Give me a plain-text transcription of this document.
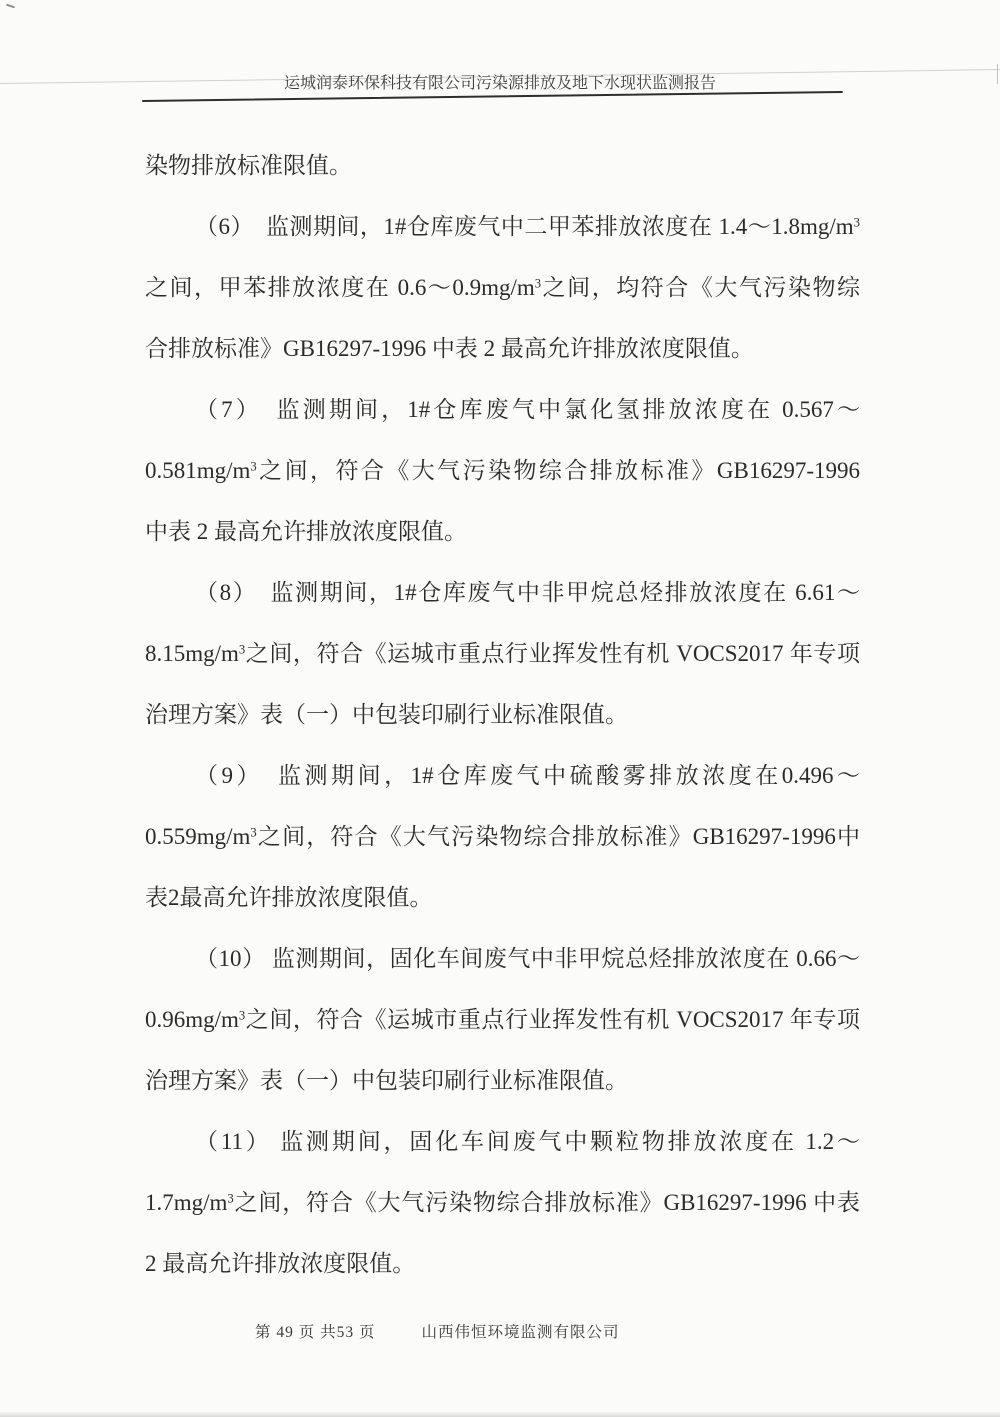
运城润泰环保科技有限公司污染源排放及地下水现状监测报告
染物排放标准限值。
（6）　监测期间，1#仓库废气中二甲苯排放浓度在 $1.4\sim 1.8mg/m^3$
之间，甲苯排放浓度在 $0.6\sim 0.9mg/m^3$之间，均符合《大气污染物综
合排放标准》GB16297-1996 中表 2 最高允许排放浓度限值。
（7）　监测期间，1#仓库废气中氯化氢排放浓度在 0.567～
$0.581mg/m^3$之间，符合《大气污染物综合排放标准》GB16297-1996
中表 2 最高允许排放浓度限值。
（8）　监测期间，1#仓库废气中非甲烷总烃排放浓度在 6.61～
$8.15mg/m^3$之间，符合《运城市重点行业挥发性有机 VOCS2017 年专项
治理方案》表（一）中包装印刷行业标准限值。
（9）　监测期间，1#仓库废气中硫酸雾排放浓度在0.496～
$0.559mg/m^3$之间，符合《大气污染物综合排放标准》GB16297-1996中
表2最高允许排放浓度限值。
（10） 监测期间，固化车间废气中非甲烷总烃排放浓度在 0.66～
$0.96mg/m^3$之间，符合《运城市重点行业挥发性有机 VOCS2017 年专项
治理方案》表（一）中包装印刷行业标准限值。
（11） 监测期间，固化车间废气中颗粒物排放浓度在 1.2～
$1.7mg/m^3$之间，符合《大气污染物综合排放标准》GB16297-1996 中表
2 最高允许排放浓度限值。
第 49 页 共53 页	山西伟恒环境监测有限公司
